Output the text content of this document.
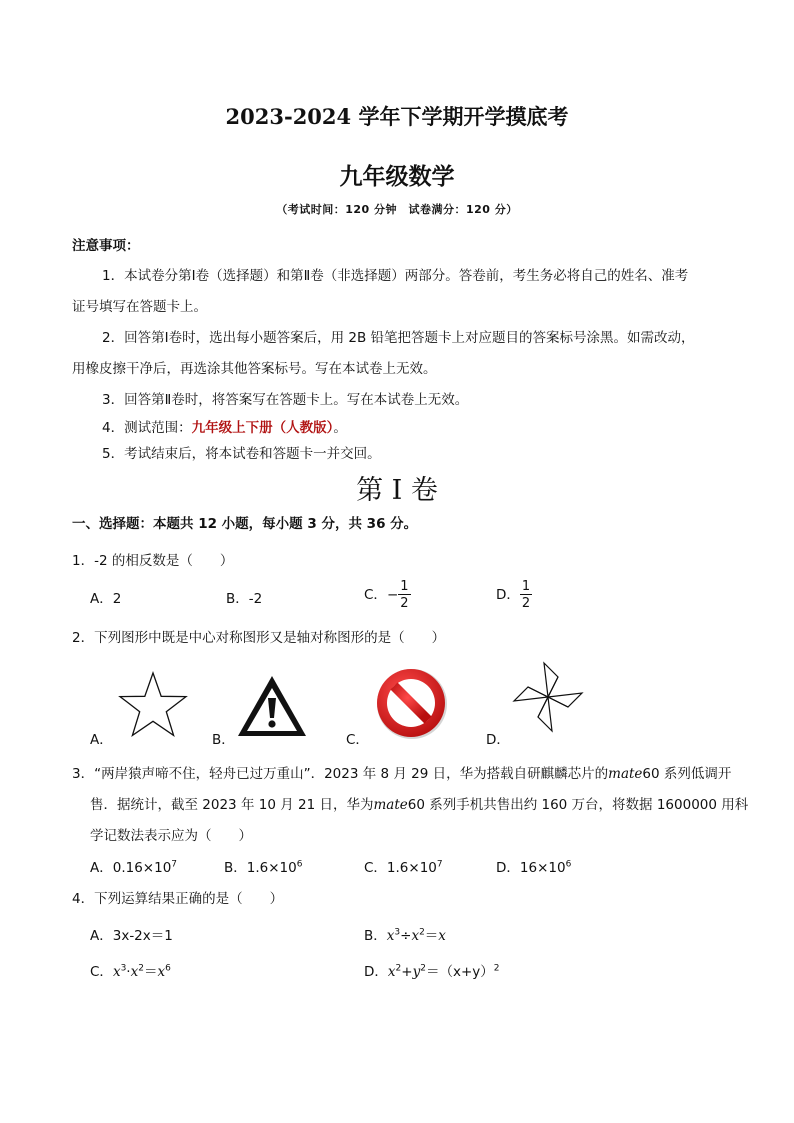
2023-2024 学年下学期开学摸底考
九年级数学
（考试时间：120 分钟　试卷满分：120 分）
注意事项：
1．本试卷分第Ⅰ卷（选择题）和第Ⅱ卷（非选择题）两部分。答卷前，考生务必将自己的姓名、准考
证号填写在答题卡上。
2．回答第Ⅰ卷时，选出每小题答案后，用 2B 铅笔把答题卡上对应题目的答案标号涂黑。如需改动，
用橡皮擦干净后，再选涂其他答案标号。写在本试卷上无效。
3．回答第Ⅱ卷时，将答案写在答题卡上。写在本试卷上无效。
4．测试范围：九年级上下册（人教版）。
5．考试结束后，将本试卷和答题卡一并交回。
第 I 卷
一、选择题：本题共 12 小题，每小题 3 分，共 36 分。
1．-2 的相反数是（　　）
A．2	B．-2	C．− $\frac{1}{2}$	D． $\frac{1}{2}$
2．下列图形中既是中心对称图形又是轴对称图形的是（　　）
A．	B．	C．	D．
3．“两岸猿声啼不住，轻舟已过万重山”．2023 年 8 月 29 日，华为搭载自研麒麟芯片的mate60 系列低调开
售．据统计，截至 2023 年 10 月 21 日，华为mate60 系列手机共售出约 160 万台，将数据 1600000 用科
学记数法表示应为（　　）
A．$0.16\times 10^7$	B．$1.6\times 10^6$	C．$1.6\times 10^7$	D．$16\times 10^6$
4．下列运算结果正确的是（　　）
A．3x-2x＝1	B．$x^3\div x^2=x$
C．$x^3\cdot x^2=x^6$	D．$x^2+y^2=(x+y)^2$
